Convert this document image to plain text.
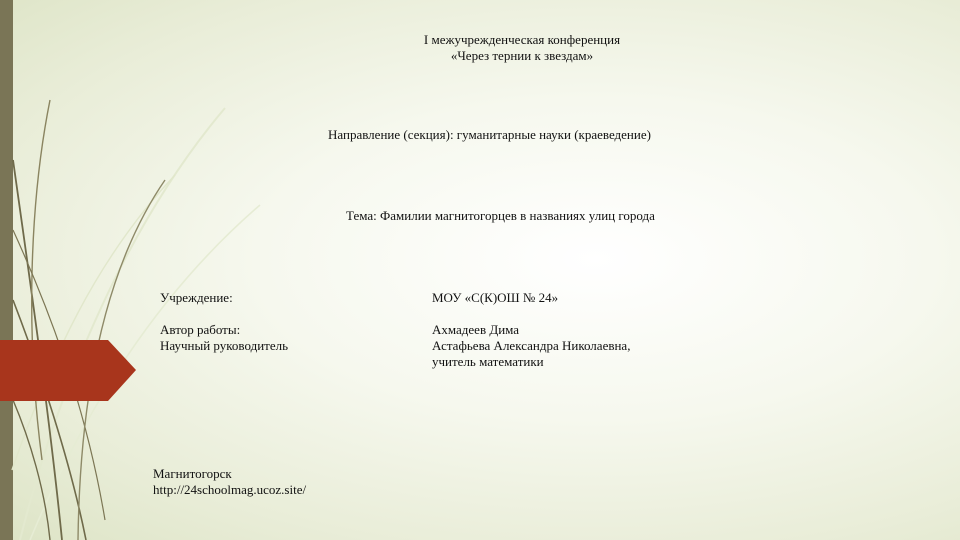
I межучрежденческая конференция
«Через тернии к звездам»
Направление (секция): гуманитарные науки (краеведение)
Тема: Фамилии магнитогорцев в названиях улиц города
Учреждение:	МОУ «С(К)ОШ № 24»
Автор работы:	Ахмадеев Дима
Научный руководитель	Астафьева Александра Николаевна,
учитель математики
Магнитогорск
http://24schoolmag.ucoz.site/
